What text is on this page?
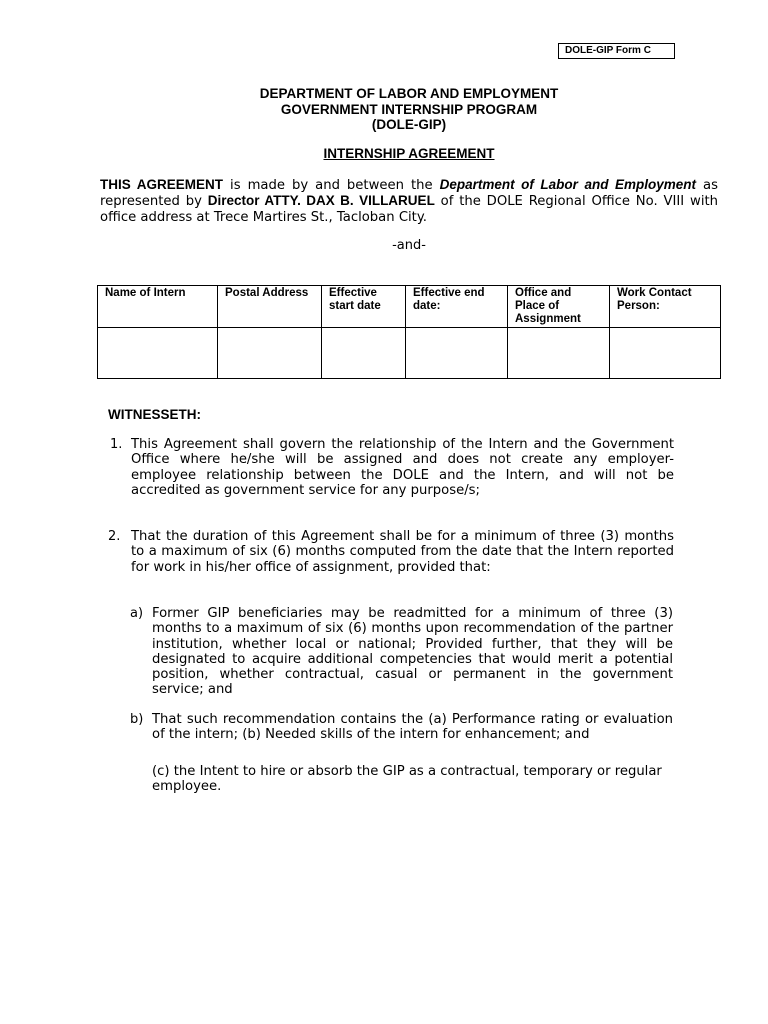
DOLE-GIP Form C
DEPARTMENT OF LABOR AND EMPLOYMENT
GOVERNMENT INTERNSHIP PROGRAM
(DOLE-GIP)
INTERNSHIP AGREEMENT
THIS AGREEMENT is made by and between the Department of Labor and Employment as represented by Director ATTY. DAX B. VILLARUEL of the DOLE Regional Office No. VIII with office address at Trece Martires St., Tacloban City.
-and-
Name of Intern	Postal Address	Effective start date	Effective end date:	Office and Place of Assignment	Work Contact Person:

WITNESSETH:
1. This Agreement shall govern the relationship of the Intern and the Government Office where he/she will be assigned and does not create any employer- employee relationship between the DOLE and the Intern, and will not be accredited as government service for any purpose/s;
2. That the duration of this Agreement shall be for a minimum of three (3) months to a maximum of six (6) months computed from the date that the Intern reported for work in his/her office of assignment, provided that:
a) Former GIP beneficiaries may be readmitted for a minimum of three (3) months to a maximum of six (6) months upon recommendation of the partner institution, whether local or national; Provided further, that they will be designated to acquire additional competencies that would merit a potential position, whether contractual, casual or permanent in the government service; and
b) That such recommendation contains the (a) Performance rating or evaluation of the intern; (b) Needed skills of the intern for enhancement; and
(c) the Intent to hire or absorb the GIP as a contractual, temporary or regular employee.
